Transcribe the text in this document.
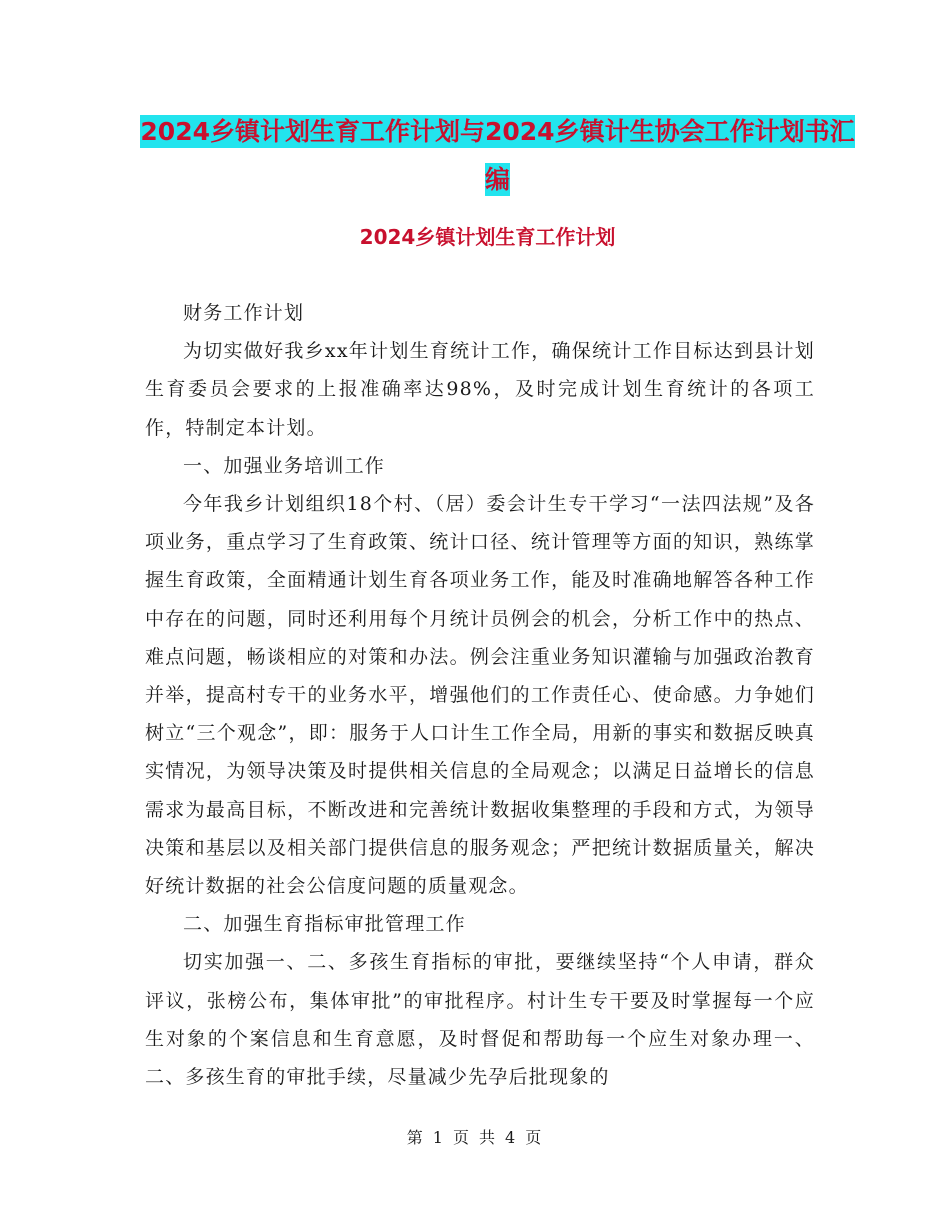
2024乡镇计划生育工作计划与2024乡镇计生协会工作计划书汇编
2024乡镇计划生育工作计划

财务工作计划

为切实做好我乡xx年计划生育统计工作，确保统计工作目标达到县计划生育委员会要求的上报准确率达98%，及时完成计划生育统计的各项工作，特制定本计划。

一、加强业务培训工作

今年我乡计划组织18个村、（居）委会计生专干学习“一法四法规”及各项业务，重点学习了生育政策、统计口径、统计管理等方面的知识，熟练掌握生育政策，全面精通计划生育各项业务工作，能及时准确地解答各种工作中存在的问题，同时还利用每个月统计员例会的机会，分析工作中的热点、难点问题，畅谈相应的对策和办法。例会注重业务知识灌输与加强政治教育并举，提高村专干的业务水平，增强他们的工作责任心、使命感。力争她们树立“三个观念”，即：服务于人口计生工作全局，用新的事实和数据反映真实情况，为领导决策及时提供相关信息的全局观念；以满足日益增长的信息需求为最高目标，不断改进和完善统计数据收集整理的手段和方式，为领导决策和基层以及相关部门提供信息的服务观念；严把统计数据质量关，解决好统计数据的社会公信度问题的质量观念。

二、加强生育指标审批管理工作

切实加强一、二、多孩生育指标的审批，要继续坚持“个人申请，群众评议，张榜公布，集体审批”的审批程序。村计生专干要及时掌握每一个应生对象的个案信息和生育意愿，及时督促和帮助每一个应生对象办理一、二、多孩生育的审批手续，尽量减少先孕后批现象的

第 1 页 共 4 页
